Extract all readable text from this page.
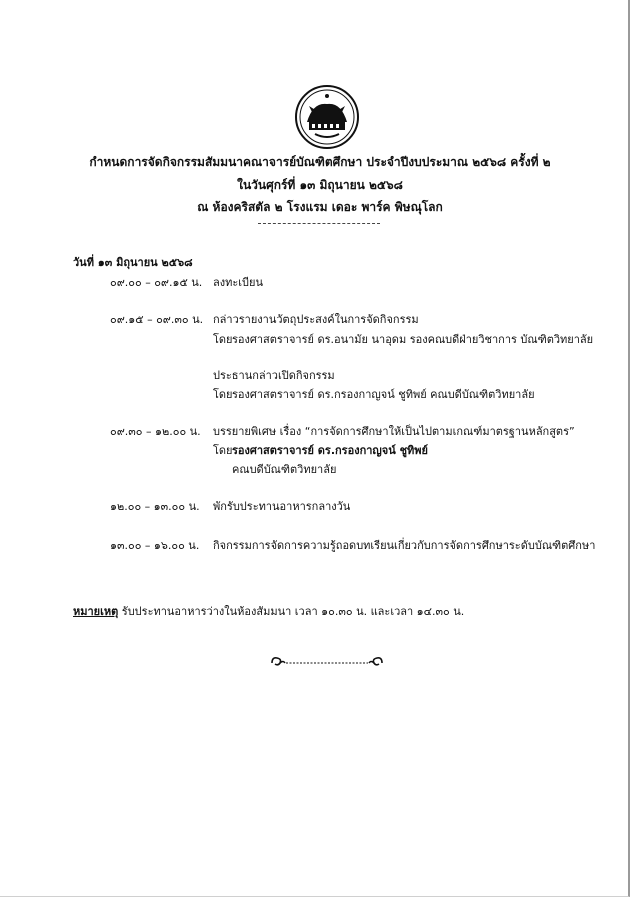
กำหนดการจัดกิจกรรมสัมมนาคณาจารย์บัณฑิตศึกษา ประจำปีงบประมาณ ๒๕๖๘ ครั้งที่ ๒
ในวันศุกร์ที่ ๑๓ มิถุนายน ๒๕๖๘
ณ ห้องคริสตัล ๒ โรงแรม เดอะ พาร์ค พิษณุโลก
วันที่ ๑๓ มิถุนายน ๒๕๖๘
๐๙.๐๐ – ๐๙.๑๕ น. ลงทะเบียน
๐๙.๑๕ – ๐๙.๓๐ น. กล่าวรายงานวัตถุประสงค์ในการจัดกิจกรรม
โดย รองศาสตราจารย์ ดร.อนามัย นาอุดม รองคณบดีฝ่ายวิชาการ บัณฑิตวิทยาลัย
ประธานกล่าวเปิดกิจกรรม
โดย รองศาสตราจารย์ ดร.กรองกาญจน์ ชูทิพย์ คณบดีบัณฑิตวิทยาลัย
๐๙.๓๐ – ๑๒.๐๐ น.	บรรยายพิเศษ เรื่อง “การจัดการศึกษาให้เป็นไปตามเกณฑ์มาตรฐานหลักสูตร”
โดย รองศาสตราจารย์ ดร.กรองกาญจน์ ชูทิพย์
คณบดีบัณฑิตวิทยาลัย
๑๒.๐๐ – ๑๓.๐๐ น.	พักรับประทานอาหารกลางวัน
๑๓.๐๐ – ๑๖.๐๐ น.	กิจกรรมการจัดการความรู้ถอดบทเรียนเกี่ยวกับการจัดการศึกษาระดับบัณฑิตศึกษา
หมายเหตุ รับประทานอาหารว่างในห้องสัมมนา เวลา ๑๐.๓๐ น. และเวลา ๑๔.๓๐ น.
